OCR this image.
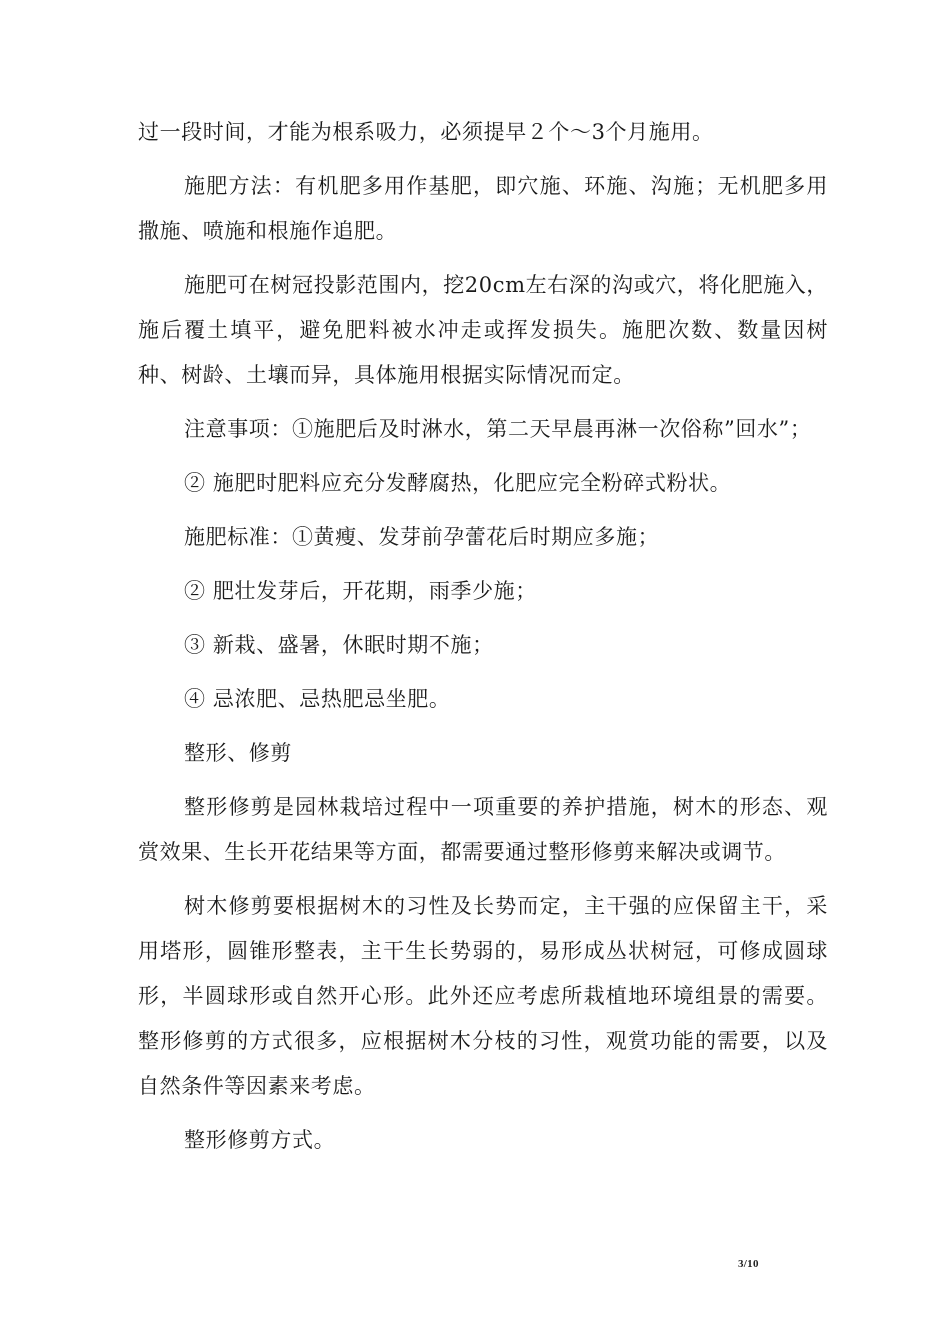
过一段时间，才能为根系吸力，必须提早２个〜3个月施用。

施肥方法：有机肥多用作基肥，即穴施、环施、沟施；无机肥多用撒施、喷施和根施作追肥。

施肥可在树冠投影范围内，挖20cm左右深的沟或穴，将化肥施入，施后覆土填平，避免肥料被水冲走或挥发损失。施肥次数、数量因树种、树龄、土壤而异，具体施用根据实际情况而定。

注意事项：①施肥后及时淋水，第二天早晨再淋一次俗称”回水”；

② 施肥时肥料应充分发酵腐热，化肥应完全粉碎式粉状。

施肥标准：①黄瘦、发芽前孕蕾花后时期应多施；

② 肥壮发芽后，开花期，雨季少施；

③ 新栽、盛暑，休眠时期不施；

④ 忌浓肥、忌热肥忌坐肥。

整形、修剪

整形修剪是园林栽培过程中一项重要的养护措施，树木的形态、观赏效果、生长开花结果等方面，都需要通过整形修剪来解决或调节。

树木修剪要根据树木的习性及长势而定，主干强的应保留主干，采用塔形，圆锥形整表，主干生长势弱的，易形成丛状树冠，可修成圆球形，半圆球形或自然开心形。此外还应考虑所栽植地环境组景的需要。整形修剪的方式很多，应根据树木分枝的习性，观赏功能的需要，以及自然条件等因素来考虑。

整形修剪方式。

3/10
